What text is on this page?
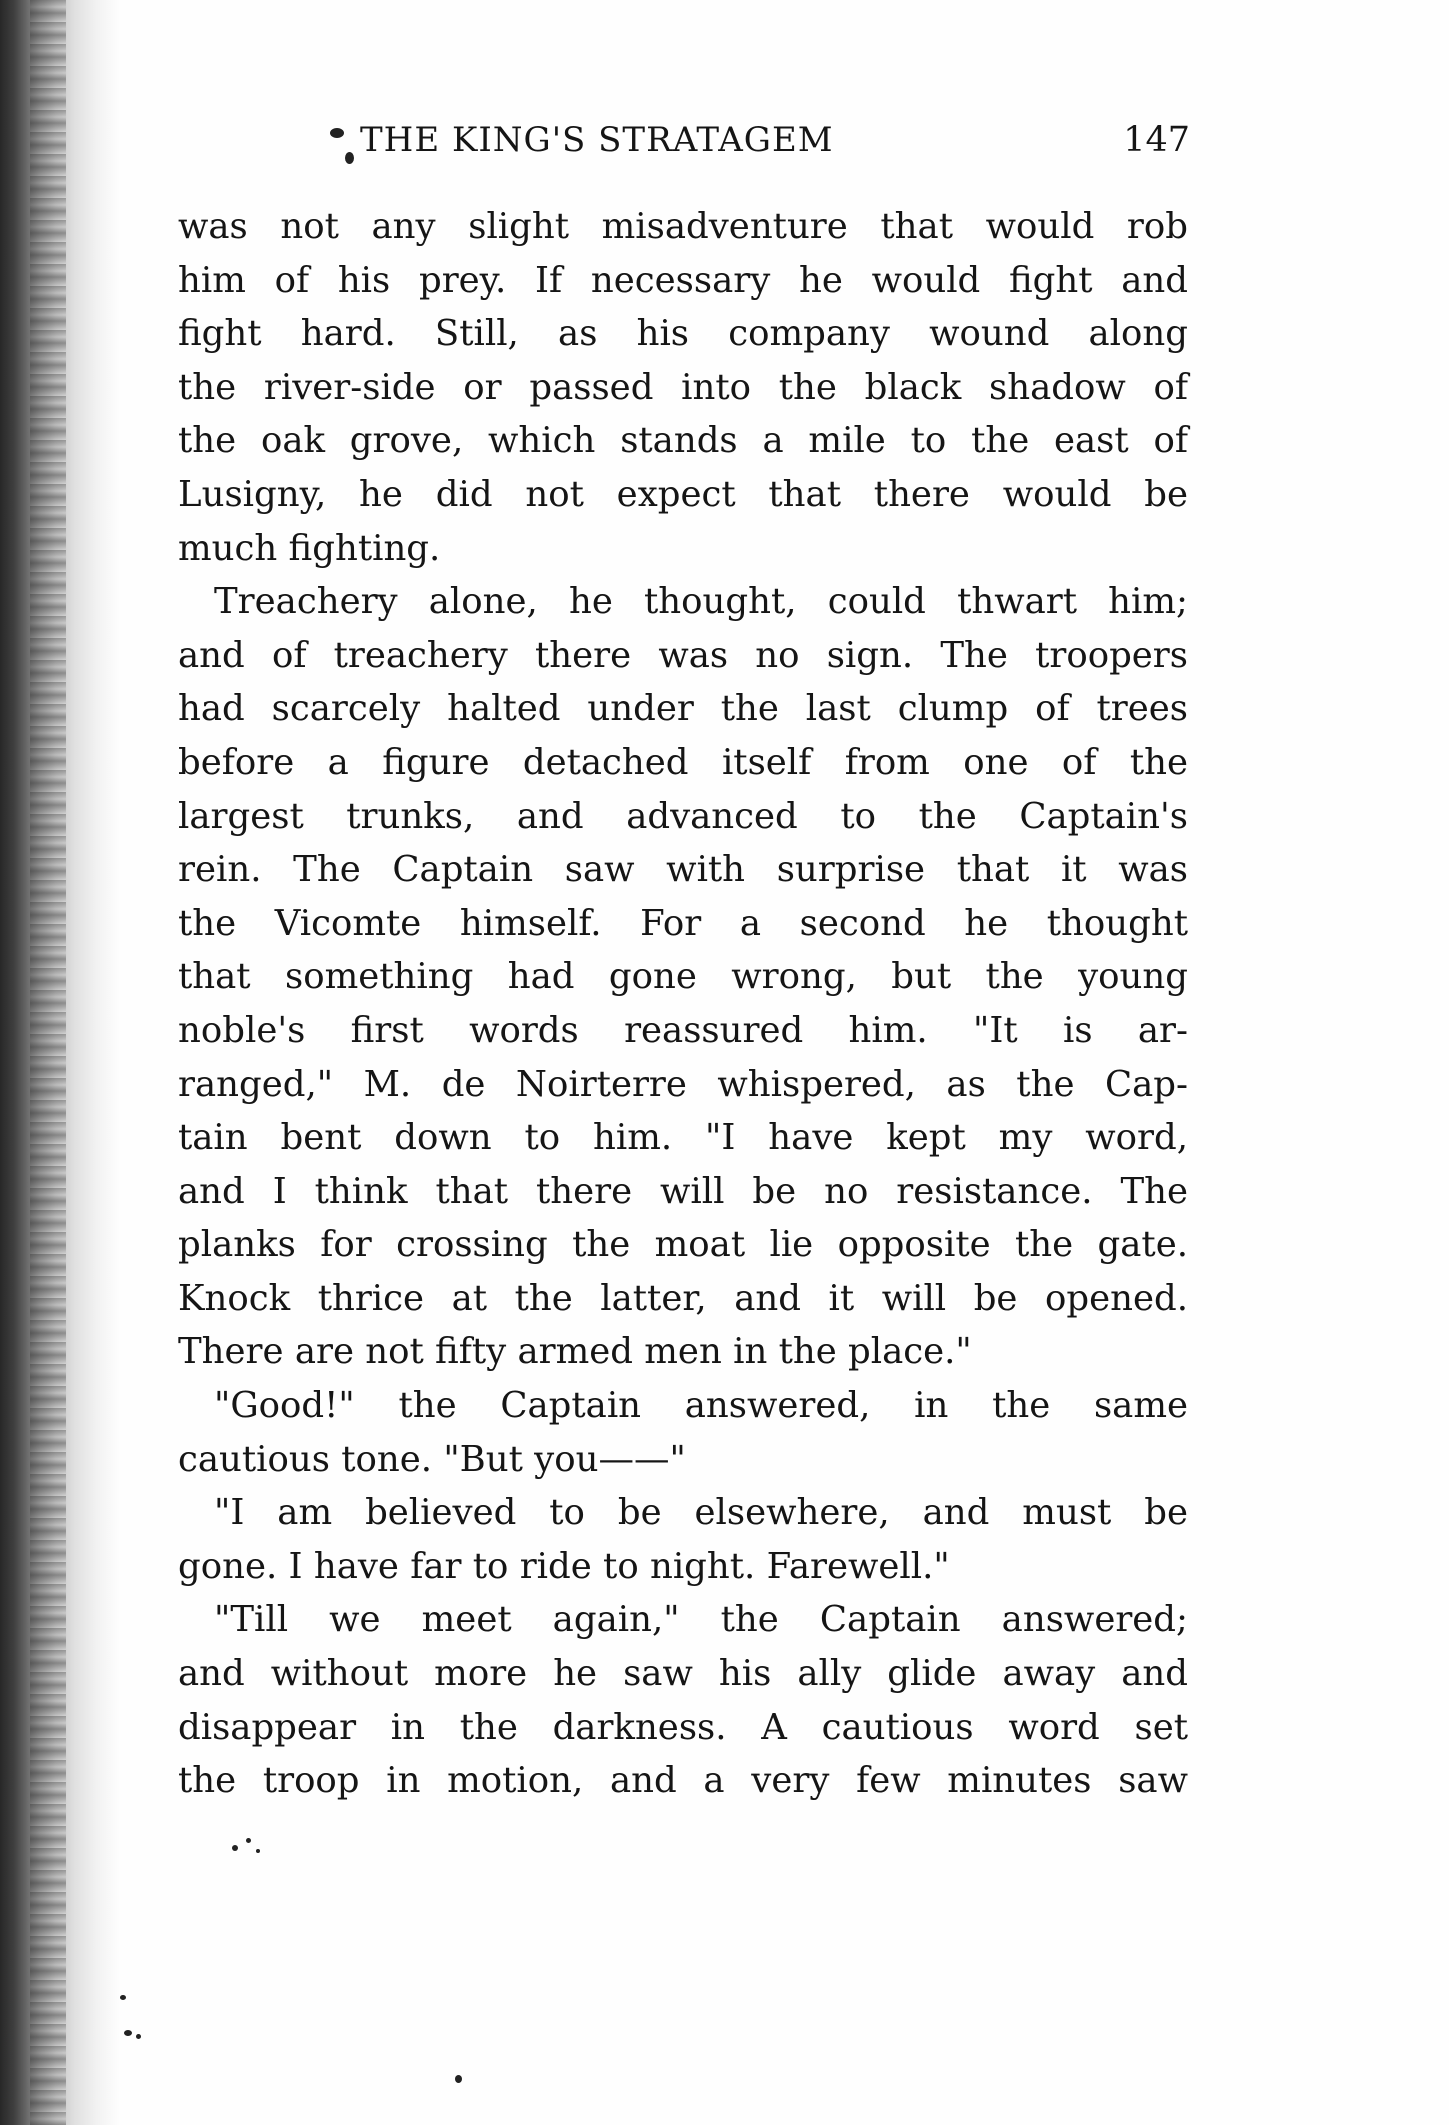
THE KING'S STRATAGEM	147
was not any slight misadventure that would rob
him of his prey. If necessary he would fight and
fight hard. Still, as his company wound along
the river-side or passed into the black shadow of
the oak grove, which stands a mile to the east of
Lusigny, he did not expect that there would be
much fighting.
Treachery alone, he thought, could thwart him;
and of treachery there was no sign. The troopers
had scarcely halted under the last clump of trees
before a figure detached itself from one of the
largest trunks, and advanced to the Captain's
rein. The Captain saw with surprise that it was
the Vicomte himself. For a second he thought
that something had gone wrong, but the young
noble's first words reassured him. "It is ar-
ranged," M. de Noirterre whispered, as the Cap-
tain bent down to him. "I have kept my word,
and I think that there will be no resistance. The
planks for crossing the moat lie opposite the gate.
Knock thrice at the latter, and it will be opened.
There are not fifty armed men in the place."
"Good!" the Captain answered, in the same
cautious tone. "But you——"
"I am believed to be elsewhere, and must be
gone. I have far to ride to night. Farewell."
"Till we meet again," the Captain answered;
and without more he saw his ally glide away and
disappear in the darkness. A cautious word set
the troop in motion, and a very few minutes saw
